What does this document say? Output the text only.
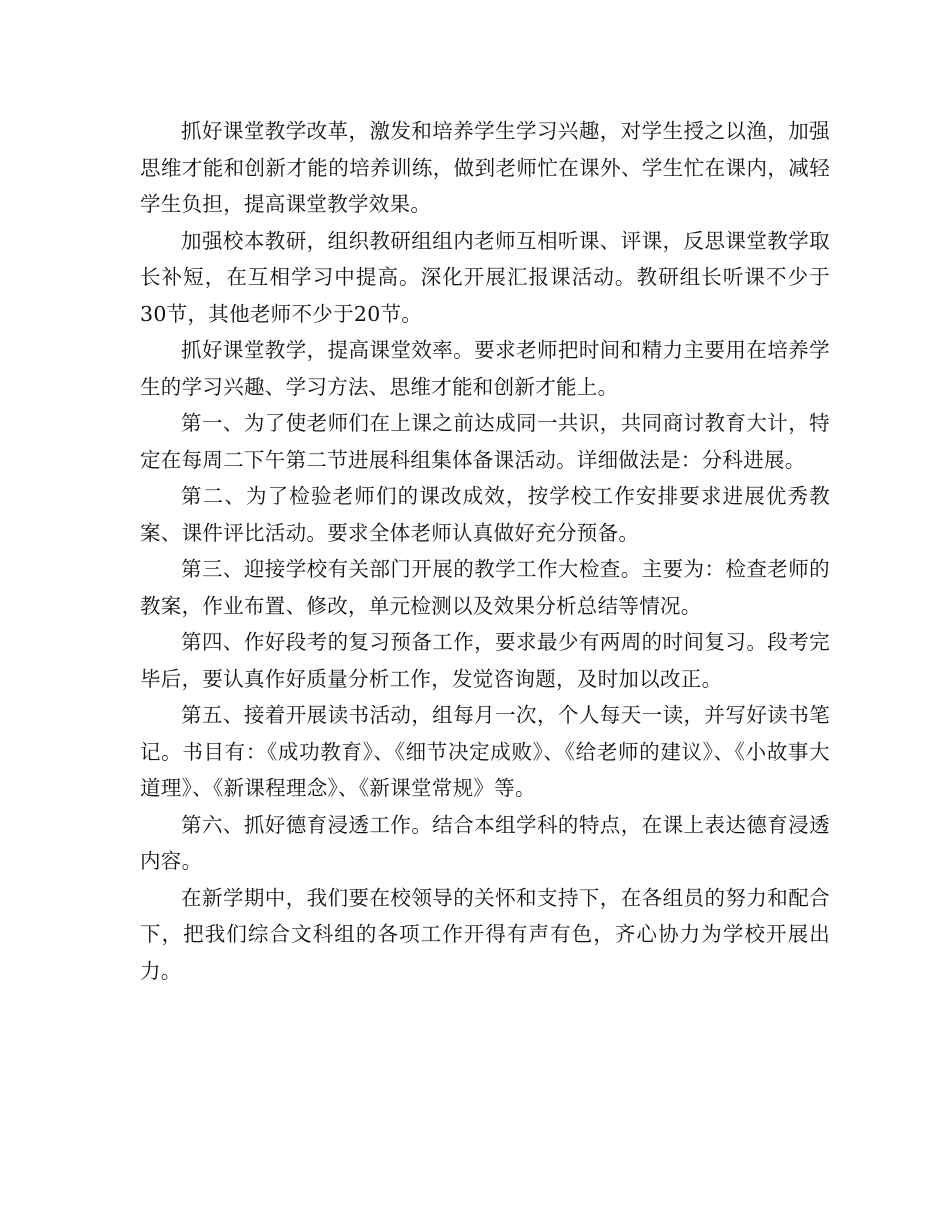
抓好课堂教学改革，激发和培养学生学习兴趣，对学生授之以渔，加强思维才能和创新才能的培养训练，做到老师忙在课外、学生忙在课内，减轻学生负担，提高课堂教学效果。

加强校本教研，组织教研组组内老师互相听课、评课，反思课堂教学取长补短，在互相学习中提高。深化开展汇报课活动。教研组长听课不少于30节，其他老师不少于20节。

抓好课堂教学，提高课堂效率。要求老师把时间和精力主要用在培养学生的学习兴趣、学习方法、思维才能和创新才能上。

第一、为了使老师们在上课之前达成同一共识，共同商讨教育大计，特定在每周二下午第二节进展科组集体备课活动。详细做法是：分科进展。

第二、为了检验老师们的课改成效，按学校工作安排要求进展优秀教案、课件评比活动。要求全体老师认真做好充分预备。

第三、迎接学校有关部门开展的教学工作大检查。主要为：检查老师的教案，作业布置、修改，单元检测以及效果分析总结等情况。

第四、作好段考的复习预备工作，要求最少有两周的时间复习。段考完毕后，要认真作好质量分析工作，发觉咨询题，及时加以改正。

第五、接着开展读书活动，组每月一次，个人每天一读，并写好读书笔记。书目有：《成功教育》、《细节决定成败》、《给老师的建议》、《小故事大道理》、《新课程理念》、《新课堂常规》等。

第六、抓好德育浸透工作。结合本组学科的特点，在课上表达德育浸透内容。

在新学期中，我们要在校领导的关怀和支持下，在各组员的努力和配合下，把我们综合文科组的各项工作开得有声有色，齐心协力为学校开展出力。
